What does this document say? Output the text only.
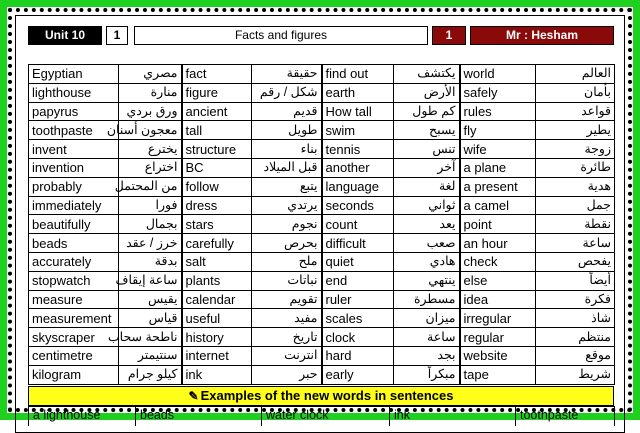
Unit 10	1	Facts and figures	1	Mr : Hesham
Egyptian	مصري	fact	حقيقة	find out	يكتشف	world	العالم
lighthouse	منارة	figure	شكل / رقم	earth	الأرض	safely	بأمان
papyrus	ورق بردي	ancient	قديم	How tall	كم طول	rules	قواعد
toothpaste	معجون أسنان	tall	طويل	swim	يسبح	fly	يطير
invent	يخترع	structure	بناء	tennis	تنس	wife	زوجة
invention	اختراع	BC	قبل الميلاد	another	آخر	a plane	طائرة
probably	من المحتمل	follow	يتبع	language	لغة	a present	هدية
immediately	فورا	dress	يرتدي	seconds	ثواني	a camel	جمل
beautifully	بجمال	stars	نجوم	count	يعد	point	نقطة
beads	خرز / عقد	carefully	بحرص	difficult	صعب	an hour	ساعة
accurately	بدقة	salt	ملح	quiet	هادي	check	يفحص
stopwatch	ساعة إيقاف	plants	نباتات	end	ينتهي	else	أيضاً
measure	يقيس	calendar	تقويم	ruler	مسطرة	idea	فكرة
measurement	قياس	useful	مفيد	scales	ميزان	irregular	شاذ
skyscraper	ناطحة سحاب	history	تاريخ	clock	ساعة	regular	منتظم
centimetre	سنتيمتر	internet	انترنت	hard	بجد	website	موقع
kilogram	كيلو جرام	ink	حبر	early	مبكراً	tape	شريط
✎ Examples of the new words in sentences
a lighthouse	beads	water clock	ink	toothpaste
